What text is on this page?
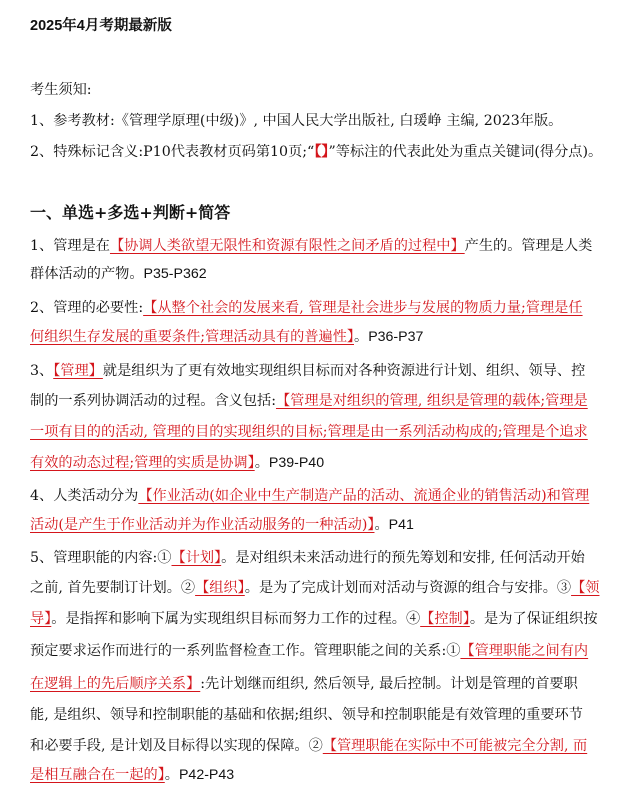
2025年4月考期最新版
考生须知:
1、参考教材:《管理学原理(中级)》, 中国人民大学出版社, 白瑗峥 主编, 2023年版。
2、特殊标记含义:P10代表教材页码第10页;“【】”等标注的代表此处为重点关键词(得分点)。
一、单选+多选+判断+简答
1、管理是在【协调人类欲望无限性和资源有限性之间矛盾的过程中】产生的。管理是人类
群体活动的产物。P35-P362
2、管理的必要性:【从整个社会的发展来看, 管理是社会进步与发展的物质力量;管理是任
何组织生存发展的重要条件;管理活动具有的普遍性】。P36-P37
3、【管理】就是组织为了更有效地实现组织目标而对各种资源进行计划、组织、领导、控
制的一系列协调活动的过程。含义包括:【管理是对组织的管理, 组织是管理的载体;管理是
一项有目的的活动, 管理的目的实现组织的目标;管理是由一系列活动构成的;管理是个追求
有效的动态过程;管理的实质是协调】。P39-P40
4、人类活动分为【作业活动(如企业中生产制造产品的活动、流通企业的销售活动)和管理
活动(是产生于作业活动并为作业活动服务的一种活动)】。P41
5、管理职能的内容:①【计划】。是对组织未来活动进行的预先筹划和安排, 任何活动开始
之前, 首先要制订计划。②【组织】。是为了完成计划而对活动与资源的组合与安排。③【领
导】。是指挥和影响下属为实现组织目标而努力工作的过程。④【控制】。是为了保证组织按
预定要求运作而进行的一系列监督检查工作。管理职能之间的关系:①【管理职能之间有内
在逻辑上的先后顺序关系】:先计划继而组织, 然后领导, 最后控制。计划是管理的首要职
能, 是组织、领导和控制职能的基础和依据;组织、领导和控制职能是有效管理的重要环节
和必要手段, 是计划及目标得以实现的保障。②【管理职能在实际中不可能被完全分割, 而
是相互融合在一起的】。P42-P43
